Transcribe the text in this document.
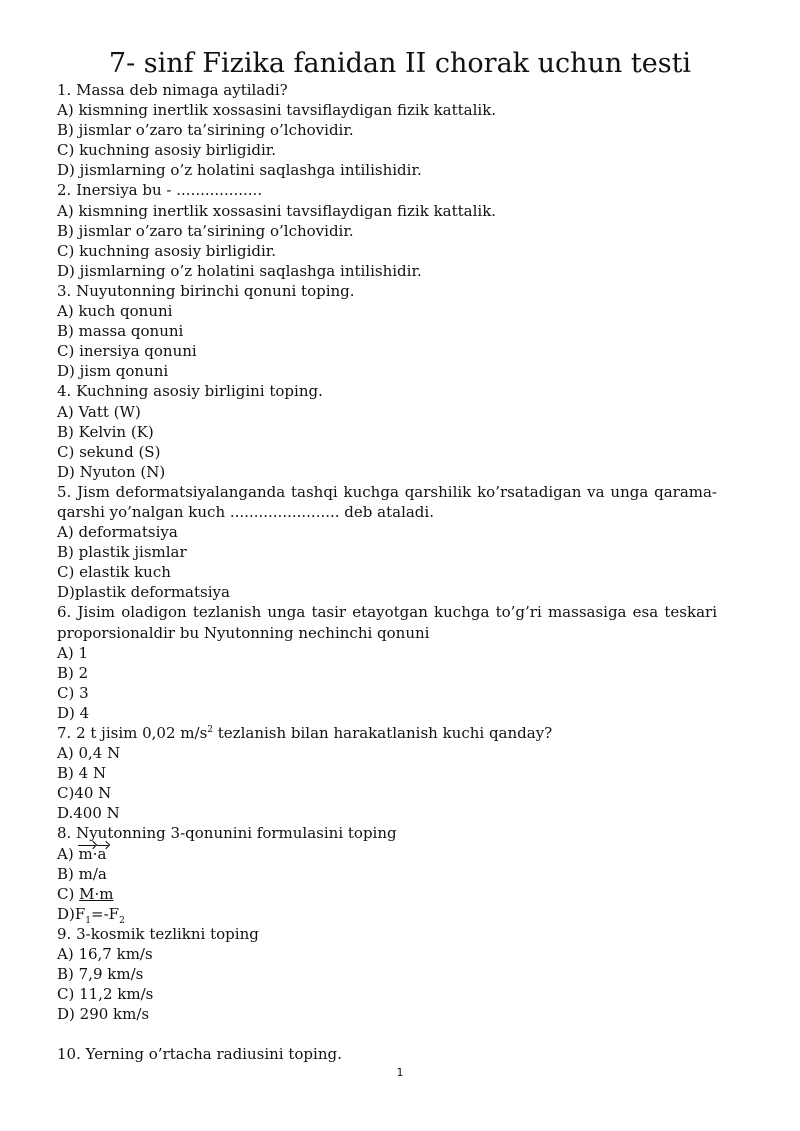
7- sinf Fizika fanidan II chorak uchun testi

1. Massa deb nimaga aytiladi?

A) kismning inertlik xossasini tavsiflaydigan fizik kattalik.

B) jismlar o’zaro ta’sirining o’lchovidir.

C) kuchning asosiy birligidir.

D) jismlarning o’z holatini saqlashga intilishidir.

2. Inersiya bu - ..................

A) kismning inertlik xossasini tavsiflaydigan fizik kattalik.

B) jismlar o’zaro ta’sirining o’lchovidir.

C) kuchning asosiy birligidir.

D) jismlarning o’z holatini saqlashga intilishidir.

3. Nuyutonning birinchi qonuni toping.

A) kuch qonuni

B) massa qonuni

C) inersiya qonuni

D) jism qonuni

4. Kuchning asosiy birligini toping.

A) Vatt (W)

B) Kelvin (K)

C) sekund (S)

D) Nyuton (N)

5. Jism deformatsiyalanganda tashqi kuchga qarshilik ko’rsatadigan va unga qarama-qarshi yo’nalgan kuch ....................... deb ataladi.

A) deformatsiya

B) plastik jismlar

C) elastik kuch

D)plastik deformatsiya

6. Jisim oladigon tezlanish unga tasir etayotgan kuchga to’g’ri massasiga esa teskari proporsionaldir bu Nyutonning nechinchi qonuni

A) 1

B) 2

C) 3

D) 4

7. 2 t jisim 0,02 $m/s^2$ tezlanish bilan harakatlanish kuchi qanday?

A) 0,4 N

B) 4 N

C)40 N

D.400 N

8. Nyutonning 3-qonunini formulasini toping

A) m·a

B) m/a

C) M·m

$D)F_1=-F_2$

9. 3-kosmik tezlikni toping

A) 16,7 km/s

B) 7,9 km/s

C) 11,2 km/s

D) 290 km/s

10. Yerning o’rtacha radiusini toping.

1
